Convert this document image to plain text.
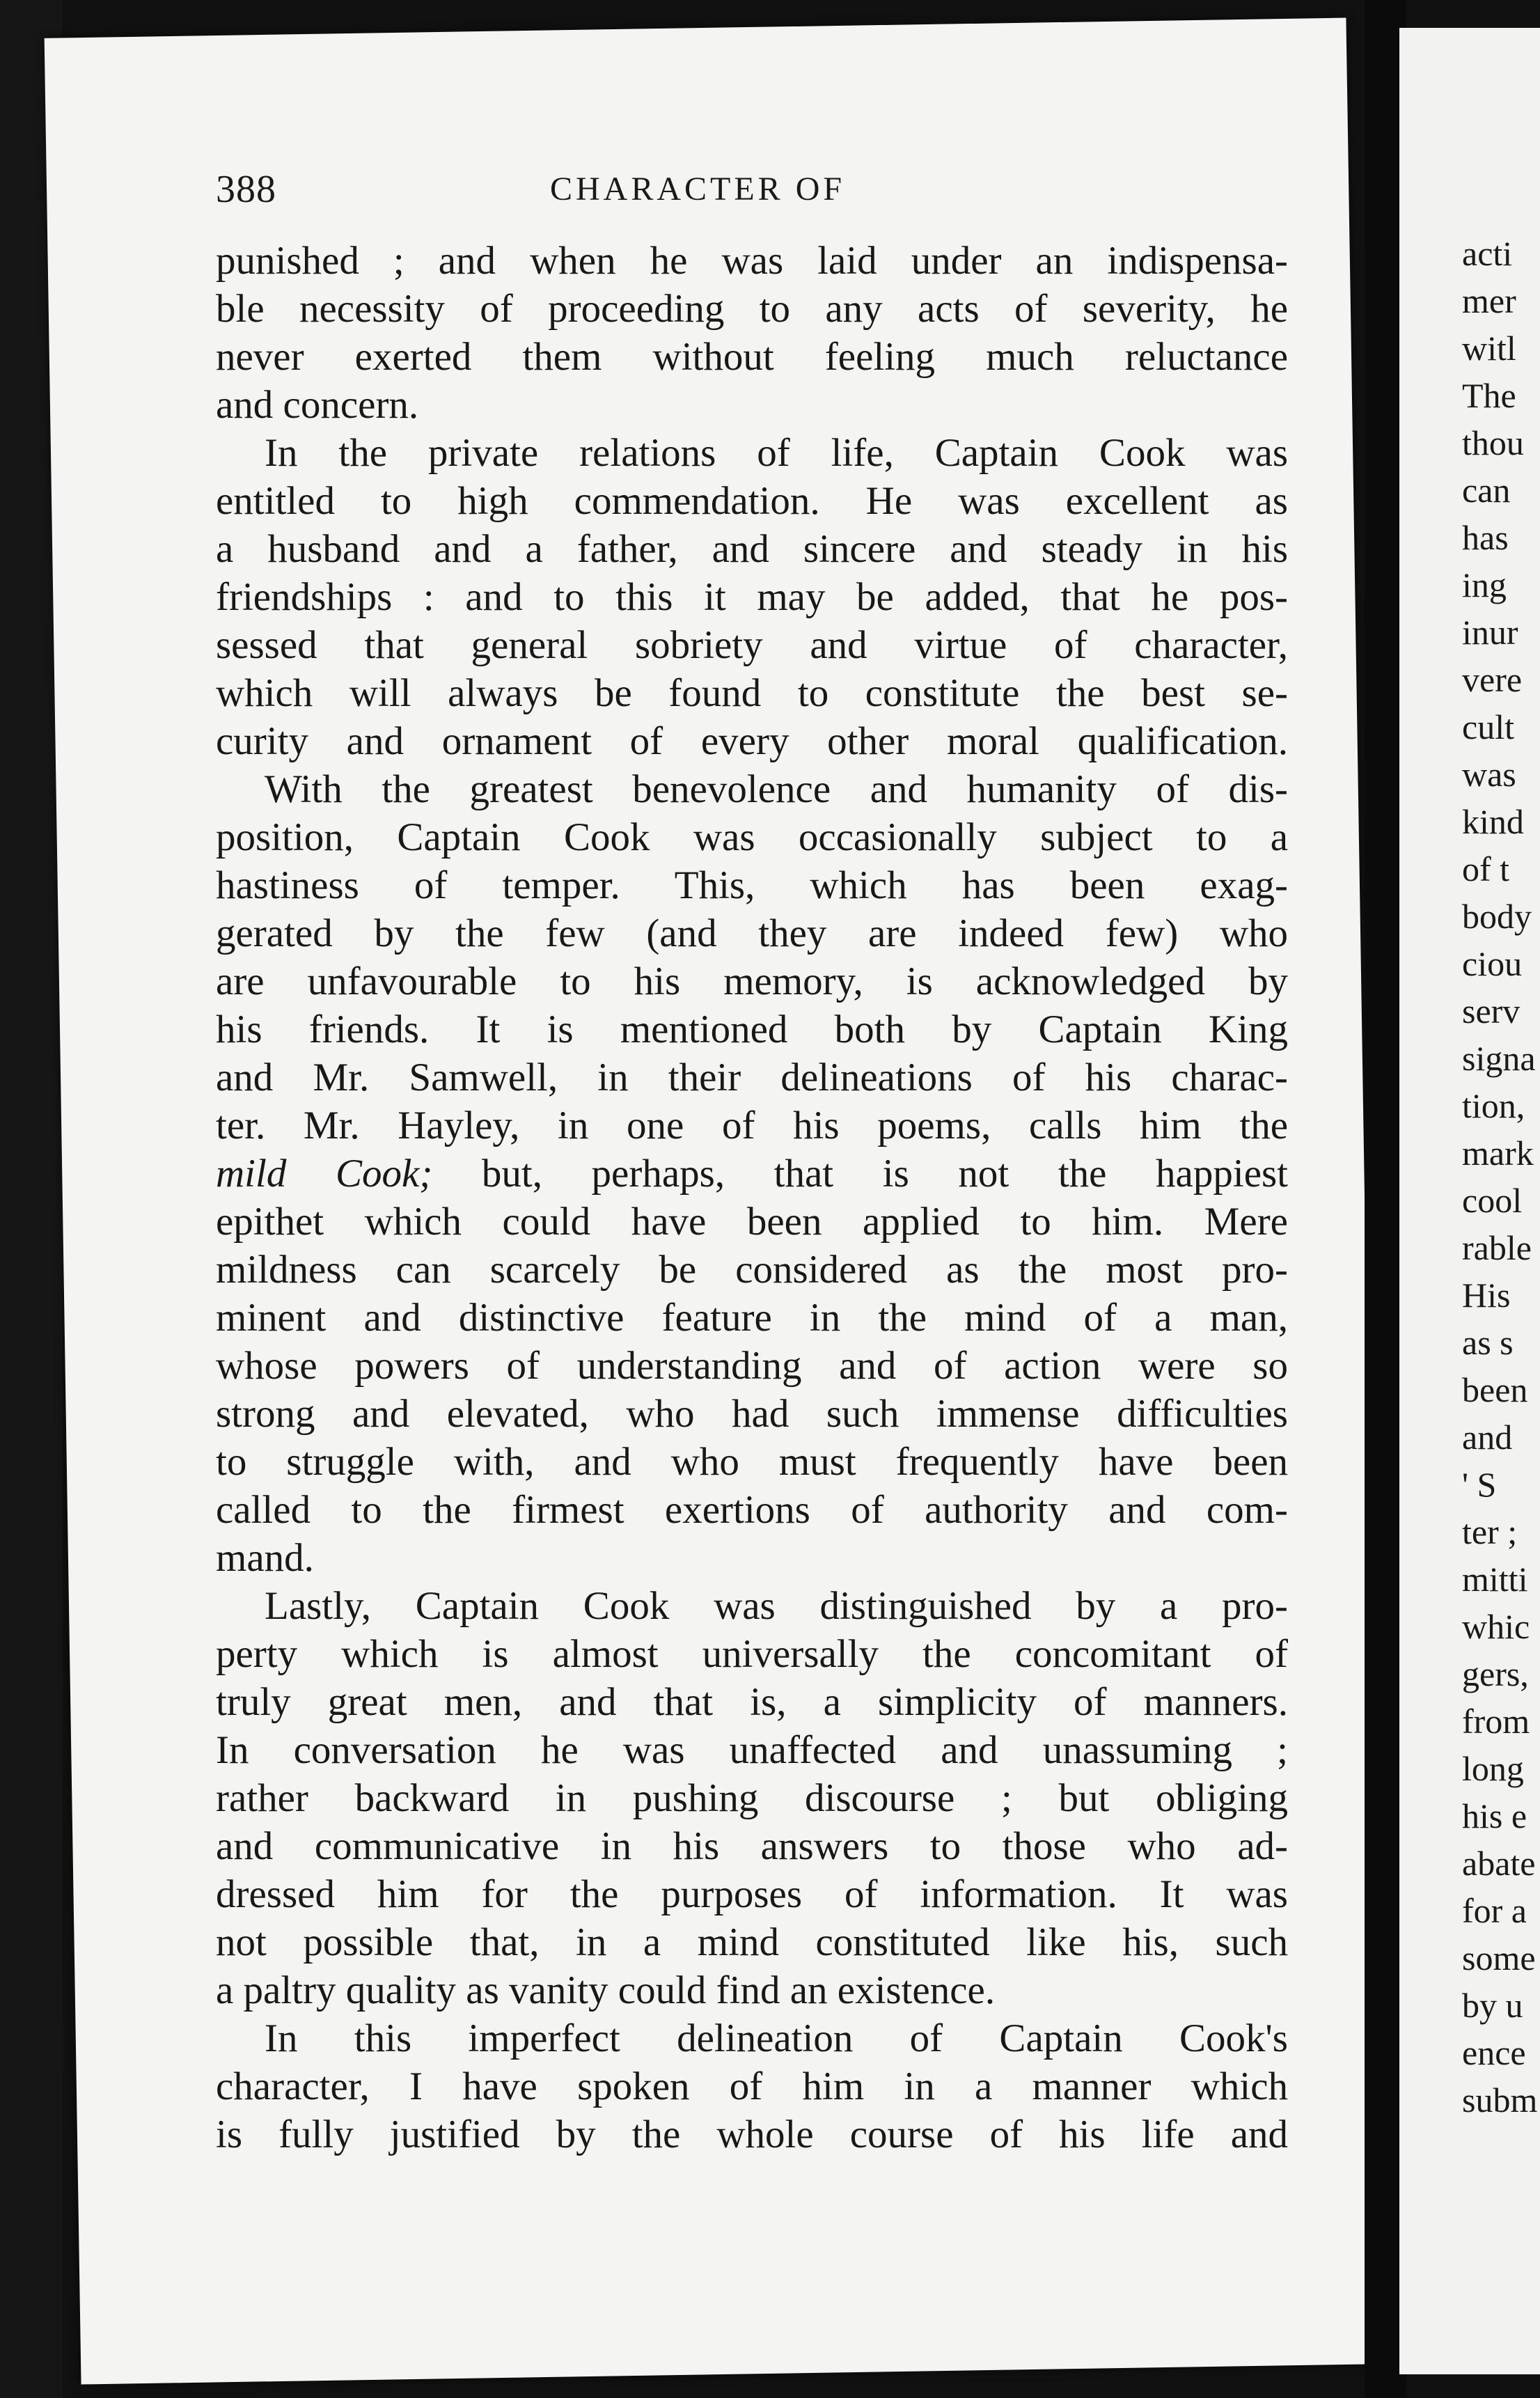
388	CHARACTER OF
punished ; and when he was laid under an indispensa-
ble necessity of proceeding to any acts of severity, he
never exerted them without feeling much reluctance
and concern.
In the private relations of life, Captain Cook was
entitled to high commendation. He was excellent as
a husband and a father, and sincere and steady in his
friendships : and to this it may be added, that he pos-
sessed that general sobriety and virtue of character,
which will always be found to constitute the best se-
curity and ornament of every other moral qualification.
With the greatest benevolence and humanity of dis-
position, Captain Cook was occasionally subject to a
hastiness of temper. This, which has been exag-
gerated by the few (and they are indeed few) who
are unfavourable to his memory, is acknowledged by
his friends. It is mentioned both by Captain King
and Mr. Samwell, in their delineations of his charac-
ter. Mr. Hayley, in one of his poems, calls him the
mild Cook; but, perhaps, that is not the happiest
epithet which could have been applied to him. Mere
mildness can scarcely be considered as the most pro-
minent and distinctive feature in the mind of a man,
whose powers of understanding and of action were so
strong and elevated, who had such immense difficulties
to struggle with, and who must frequently have been
called to the firmest exertions of authority and com-
mand.
Lastly, Captain Cook was distinguished by a pro-
perty which is almost universally the concomitant of
truly great men, and that is, a simplicity of manners.
In conversation he was unaffected and unassuming ;
rather backward in pushing discourse ; but obliging
and communicative in his answers to those who ad-
dressed him for the purposes of information. It was
not possible that, in a mind constituted like his, such
a paltry quality as vanity could find an existence.
In this imperfect delineation of Captain Cook's
character, I have spoken of him in a manner which
is fully justified by the whole course of his life and
acti
mer
witl
The
thou
can
has
ing
inur
vere
cult
was
kind
of t
body
ciou
serv
signa
tion,
mark
cool
rable
His
as s
been
and
' S
ter ;
mitti
whic
gers,
from
long
his e
abate
for a
some
by u
ence
subm
